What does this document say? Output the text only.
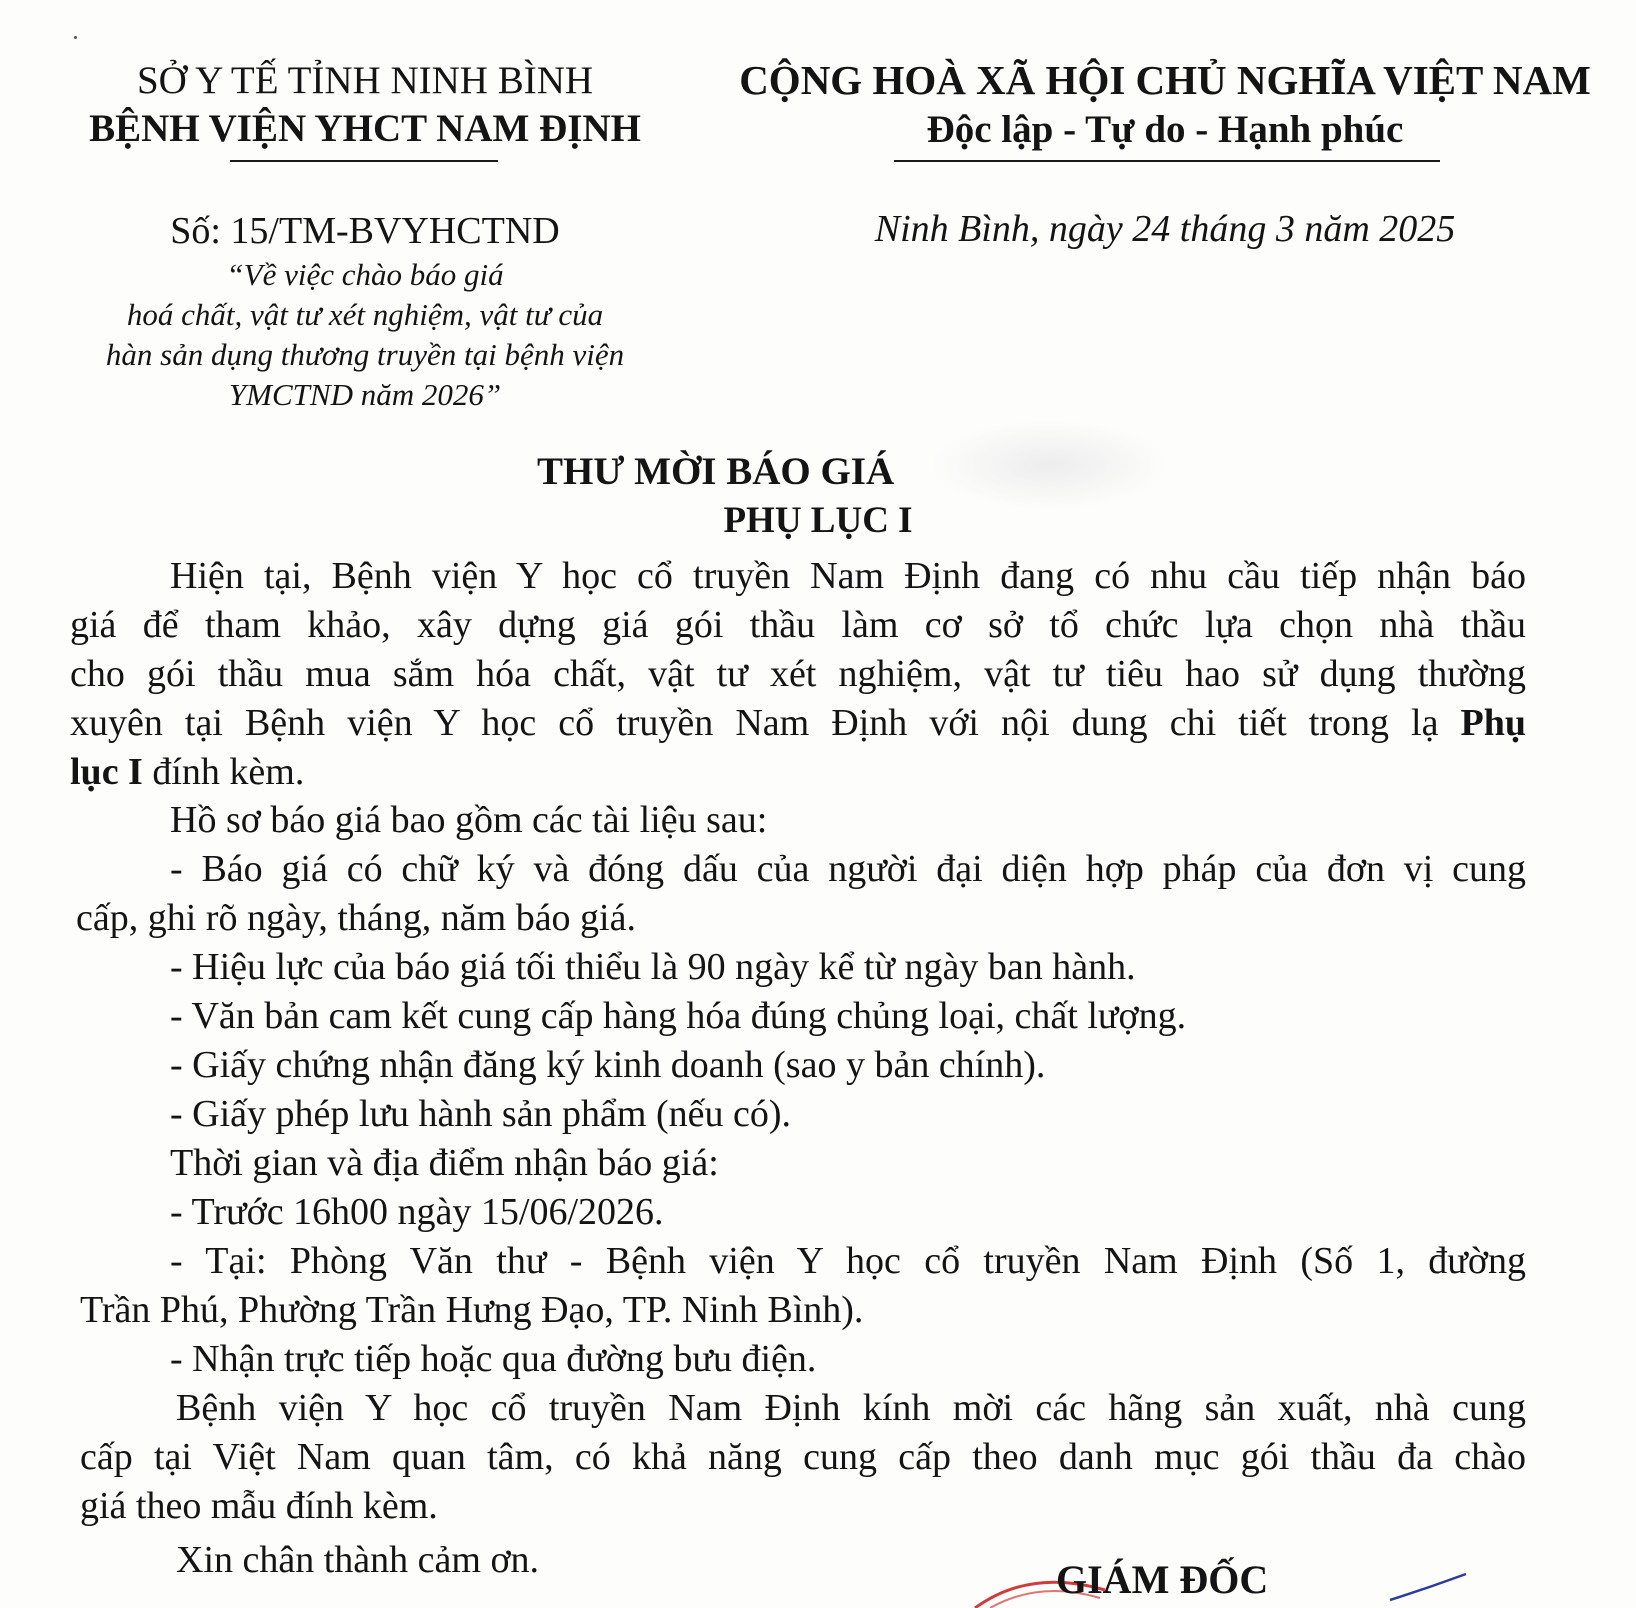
SỞ Y TẾ TỈNH NINH BÌNH
BỆNH VIỆN YHCT NAM ĐỊNH
CỘNG HOÀ XÃ HỘI CHỦ NGHĨA VIỆT NAM
Độc lập - Tự do - Hạnh phúc
Số: 15/TM-BVYHCTND
“Về việc chào báo giá
hoá chất, vật tư xét nghiệm, vật tư của
hàn sản dụng thương truyền tại bệnh viện
YMCTND năm 2026”
Ninh Bình, ngày 24 tháng 3 năm 2025
THƯ MỜI BÁO GIÁ
PHỤ LỤC I
Hiện tại, Bệnh viện Y học cổ truyền Nam Định đang có nhu cầu tiếp nhận báo
giá để tham khảo, xây dựng giá gói thầu làm cơ sở tổ chức lựa chọn nhà thầu
cho gói thầu mua sắm hóa chất, vật tư xét nghiệm, vật tư tiêu hao sử dụng thường
xuyên tại Bệnh viện Y học cổ truyền Nam Định với nội dung chi tiết trong lạ Phụ
lục I đính kèm.
Hồ sơ báo giá bao gồm các tài liệu sau:
- Báo giá có chữ ký và đóng dấu của người đại diện hợp pháp của đơn vị cung
cấp, ghi rõ ngày, tháng, năm báo giá.
- Hiệu lực của báo giá tối thiểu là 90 ngày kể từ ngày ban hành.
- Văn bản cam kết cung cấp hàng hóa đúng chủng loại, chất lượng.
- Giấy chứng nhận đăng ký kinh doanh (sao y bản chính).
- Giấy phép lưu hành sản phẩm (nếu có).
Thời gian và địa điểm nhận báo giá:
- Trước 16h00 ngày 15/06/2026.
- Tại: Phòng Văn thư - Bệnh viện Y học cổ truyền Nam Định (Số 1, đường
Trần Phú, Phường Trần Hưng Đạo, TP. Ninh Bình).
- Nhận trực tiếp hoặc qua đường bưu điện.
Bệnh viện Y học cổ truyền Nam Định kính mời các hãng sản xuất, nhà cung
cấp tại Việt Nam quan tâm, có khả năng cung cấp theo danh mục gói thầu đa chào
giá theo mẫu đính kèm.
Xin chân thành cảm ơn.	GIÁM ĐỐC
